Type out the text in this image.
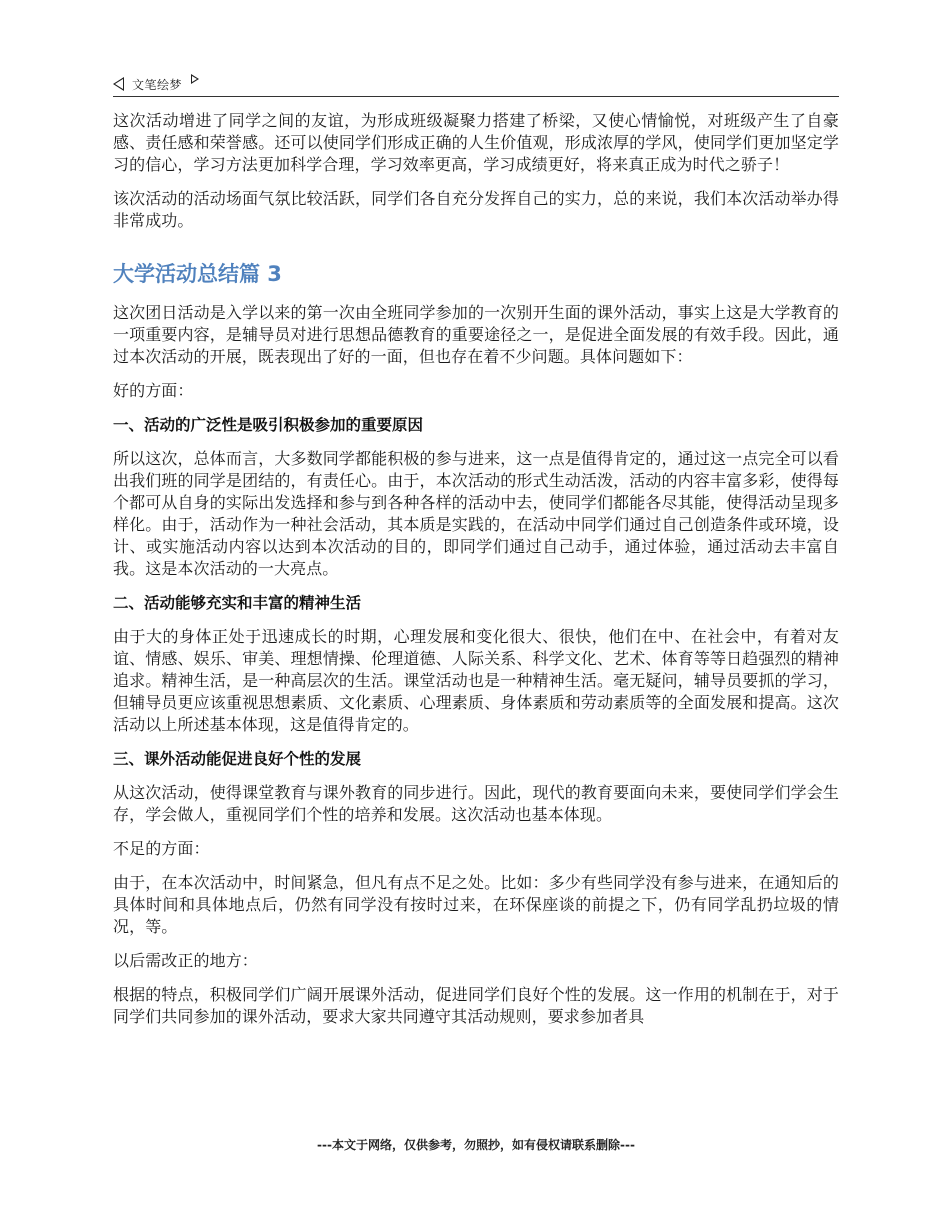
文笔绘梦

这次活动增进了同学之间的友谊，为形成班级凝聚力搭建了桥梁，又使心情愉悦，对班级产生了自豪感、责任感和荣誉感。还可以使同学们形成正确的人生价值观，形成浓厚的学风，使同学们更加坚定学习的信心，学习方法更加科学合理，学习效率更高，学习成绩更好，将来真正成为时代之骄子！

该次活动的活动场面气氛比较活跃，同学们各自充分发挥自己的实力，总的来说，我们本次活动举办得非常成功。

大学活动总结篇 3

这次团日活动是入学以来的第一次由全班同学参加的一次别开生面的课外活动，事实上这是大学教育的一项重要内容，是辅导员对进行思想品德教育的重要途径之一，是促进全面发展的有效手段。因此，通过本次活动的开展，既表现出了好的一面，但也存在着不少问题。具体问题如下：

好的方面：

一、活动的广泛性是吸引积极参加的重要原因

所以这次，总体而言，大多数同学都能积极的参与进来，这一点是值得肯定的，通过这一点完全可以看出我们班的同学是团结的，有责任心。由于，本次活动的形式生动活泼，活动的内容丰富多彩，使得每个都可从自身的实际出发选择和参与到各种各样的活动中去，使同学们都能各尽其能，使得活动呈现多样化。由于，活动作为一种社会活动，其本质是实践的，在活动中同学们通过自己创造条件或环境，设计、或实施活动内容以达到本次活动的目的，即同学们通过自己动手，通过体验，通过活动去丰富自我。这是本次活动的一大亮点。

二、活动能够充实和丰富的精神生活

由于大的身体正处于迅速成长的时期，心理发展和变化很大、很快，他们在中、在社会中，有着对友谊、情感、娱乐、审美、理想情操、伦理道德、人际关系、科学文化、艺术、体育等等日趋强烈的精神追求。精神生活，是一种高层次的生活。课堂活动也是一种精神生活。毫无疑问，辅导员要抓的学习，但辅导员更应该重视思想素质、文化素质、心理素质、身体素质和劳动素质等的全面发展和提高。这次活动以上所述基本体现，这是值得肯定的。

三、课外活动能促进良好个性的发展

从这次活动，使得课堂教育与课外教育的同步进行。因此，现代的教育要面向未来，要使同学们学会生存，学会做人，重视同学们个性的培养和发展。这次活动也基本体现。

不足的方面：

由于，在本次活动中，时间紧急，但凡有点不足之处。比如：多少有些同学没有参与进来，在通知后的具体时间和具体地点后，仍然有同学没有按时过来，在环保座谈的前提之下，仍有同学乱扔垃圾的情况，等。

以后需改正的地方：

根据的特点，积极同学们广阔开展课外活动，促进同学们良好个性的发展。这一作用的机制在于，对于同学们共同参加的课外活动，要求大家共同遵守其活动规则，要求参加者具

---本文于网络，仅供参考，勿照抄，如有侵权请联系删除---
